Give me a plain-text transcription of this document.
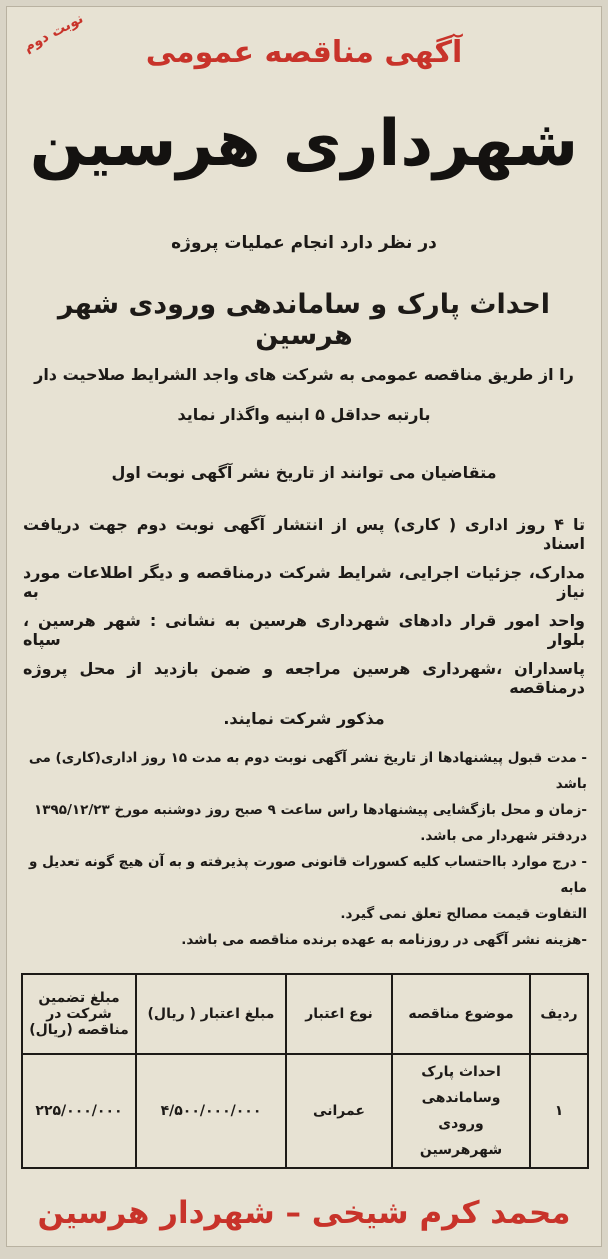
نوبت دوم	آگهی مناقصه عمومی
شهرداری هرسین
در نظر دارد انجام عملیات پروژه
احداث پارک و ساماندهی ورودی شهر هرسین
را از طریق مناقصه عمومی به شرکت های واجد الشرایط صلاحیت دار
بارتبه حداقل ۵ ابنیه واگذار نماید
متقاضیان می توانند از تاریخ نشر آگهی نوبت اول
تا ۴ روز اداری ( کاری) پس از انتشار آگهی نوبت دوم جهت دریافت اسناد
مدارک، جزئیات اجرایی، شرایط شرکت درمناقصه و دیگر اطلاعات مورد نیاز به
واحد امور قرار دادهای شهرداری هرسین به نشانی : شهر هرسین ، بلوار سپاه
پاسداران ،شهرداری هرسین مراجعه و ضمن بازدید از محل پروژه درمناقصه
مذکور شرکت نمایند.

- مدت قبول پیشنهادها از تاریخ نشر آگهی نوبت دوم به مدت ۱۵ روز اداری(کاری) می باشد

-زمان و محل بازگشایی پیشنهادها راس ساعت ۹ صبح روز دوشنبه مورخ ۱۳۹۵/۱۲/۲۳

دردفتر شهردار می باشد.

- درج موارد بااحتساب کلیه کسورات قانونی صورت پذیرفته و به آن هیچ گونه تعدیل و مابه

التفاوت قیمت مصالح تعلق نمی گیرد.

-هزینه نشر آگهی در روزنامه به عهده برنده مناقصه می باشد.

ردیف	موضوع مناقصه	نوع اعتبار	مبلغ اعتبار ( ریال)	مبلغ تضمین شرکت در مناقصه (ریال)
۱	احداث پارک وساماندهی ورودی شهرهرسین	عمرانی	۴/۵۰۰/۰۰۰/۰۰۰	۲۲۵/۰۰۰/۰۰۰
محمد کرم شیخی – شهردار هرسین
